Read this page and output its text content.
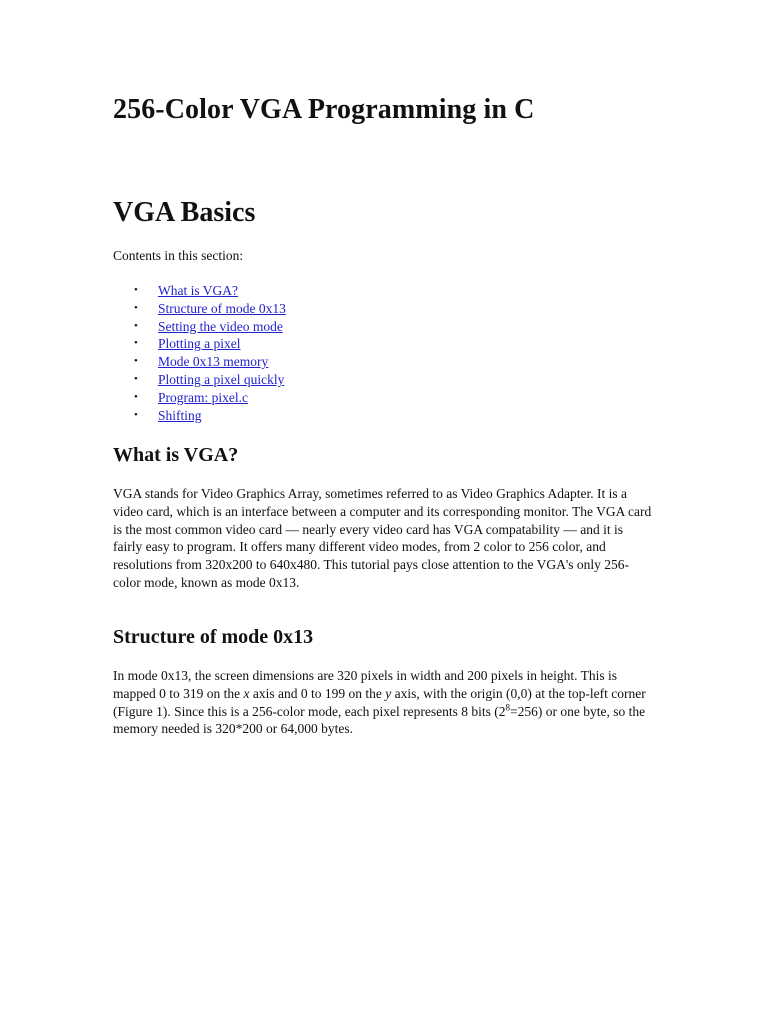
256-Color VGA Programming in C
VGA Basics

Contents in this section:

• What is VGA?
• Structure of mode 0x13
• Setting the video mode
• Plotting a pixel
• Mode 0x13 memory
• Plotting a pixel quickly
• Program: pixel.c
• Shifting
What is VGA?

VGA stands for Video Graphics Array, sometimes referred to as Video Graphics Adapter. It is a video card, which is an interface between a computer and its corresponding monitor. The VGA card is the most common video card — nearly every video card has VGA compatability — and it is fairly easy to program. It offers many different video modes, from 2 color to 256 color, and resolutions from 320x200 to 640x480. This tutorial pays close attention to the VGA's only 256-color mode, known as mode 0x13.

Structure of mode 0x13

In mode 0x13, the screen dimensions are 320 pixels in width and 200 pixels in height. This is mapped 0 to 319 on the x axis and 0 to 199 on the y axis, with the origin (0,0) at the top-left corner (Figure 1). Since this is a 256-color mode, each pixel represents 8 bits $(2^8=256)$ or one byte, so the memory needed is 320*200 or 64,000 bytes.
